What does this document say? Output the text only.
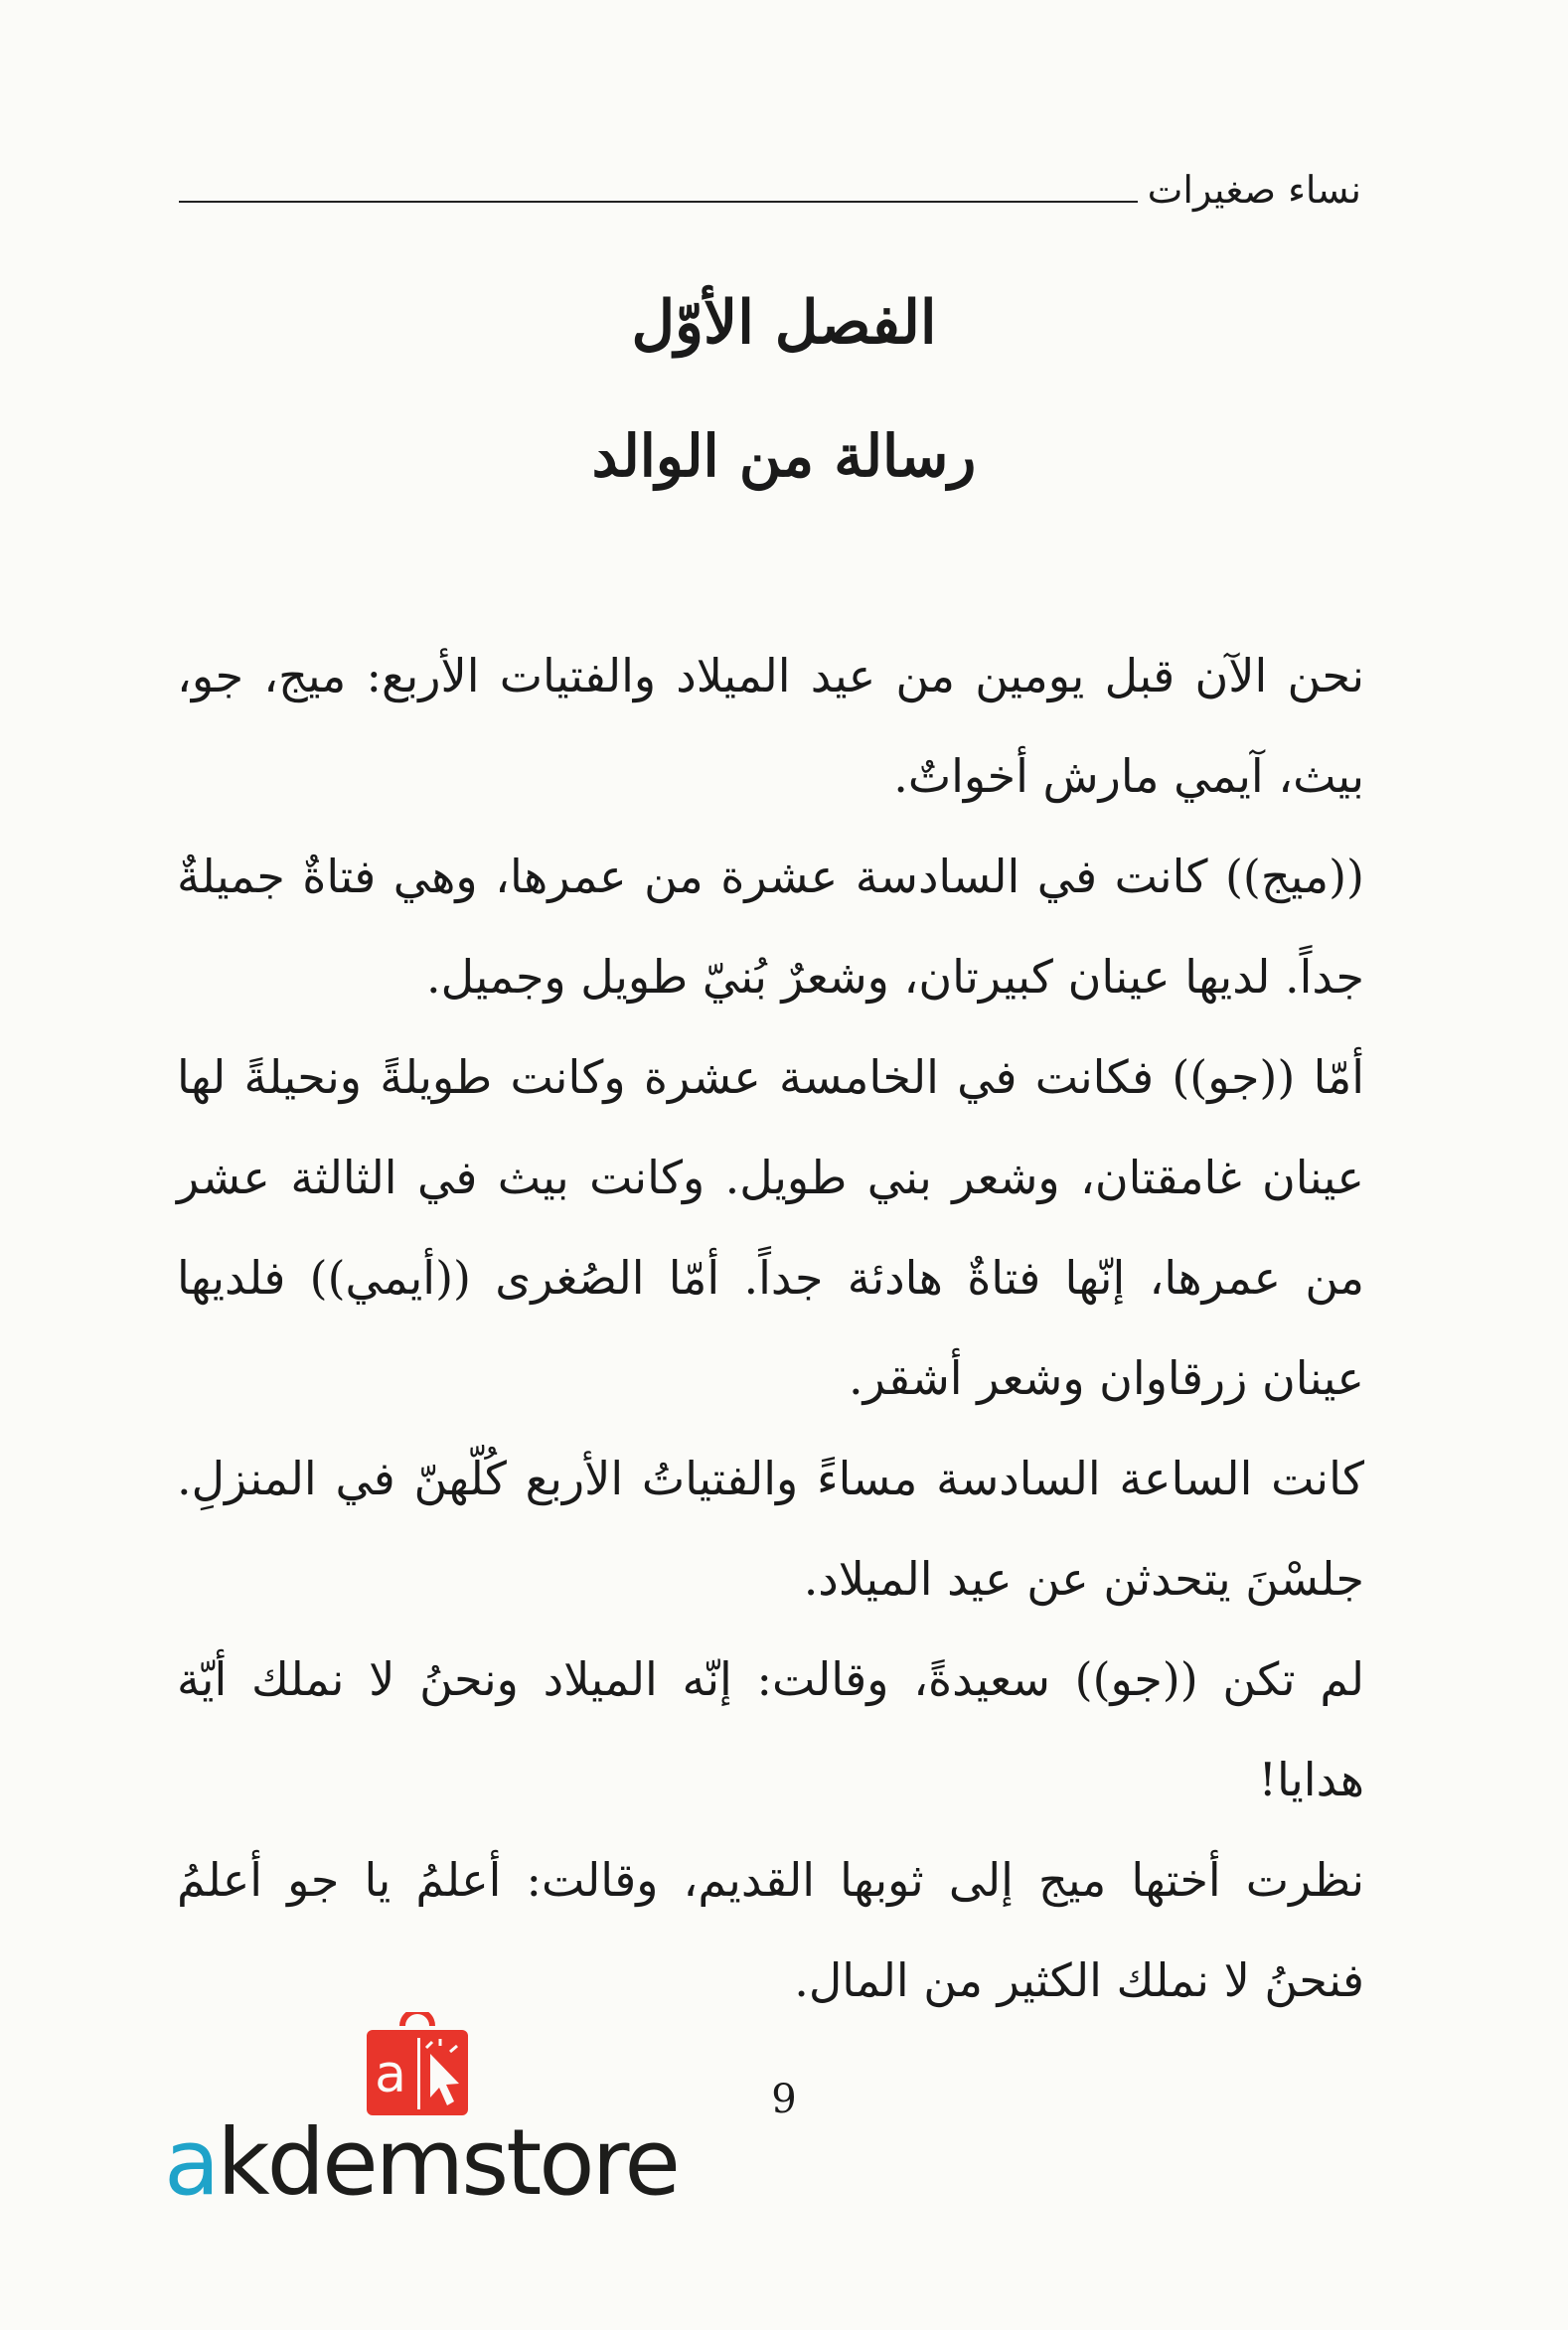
نساء صغيرات
الفصل الأوّل
رسالة من الوالد

نحن الآن قبل يومين من عيد الميلاد والفتيات الأربع: ميج، جو، بيث، آيمي مارش أخواتٌ.

((ميج)) كانت في السادسة عشرة من عمرها، وهي فتاةٌ جميلةٌ جداً. لديها عينان كبيرتان، وشعرٌ بُنيّ طويل وجميل.

أمّا ((جو)) فكانت في الخامسة عشرة وكانت طويلةً ونحيلةً لها عينان غامقتان، وشعر بني طويل. وكانت بيث في الثالثة عشر من عمرها، إنّها فتاةٌ هادئة جداً. أمّا الصُغرى ((أيمي)) فلديها عينان زرقاوان وشعر أشقر.

كانت الساعة السادسة مساءً والفتياتُ الأربع كُلّهنّ في المنزلِ. جلسْنَ يتحدثن عن عيد الميلاد.

لم تكن ((جو)) سعيدةً، وقالت: إنّه الميلاد ونحنُ لا نملك أيّة هدايا!

نظرت أختها ميج إلى ثوبها القديم، وقالت: أعلمُ يا جو أعلمُ فنحنُ لا نملك الكثير من المال.

9
a
akdemstore
